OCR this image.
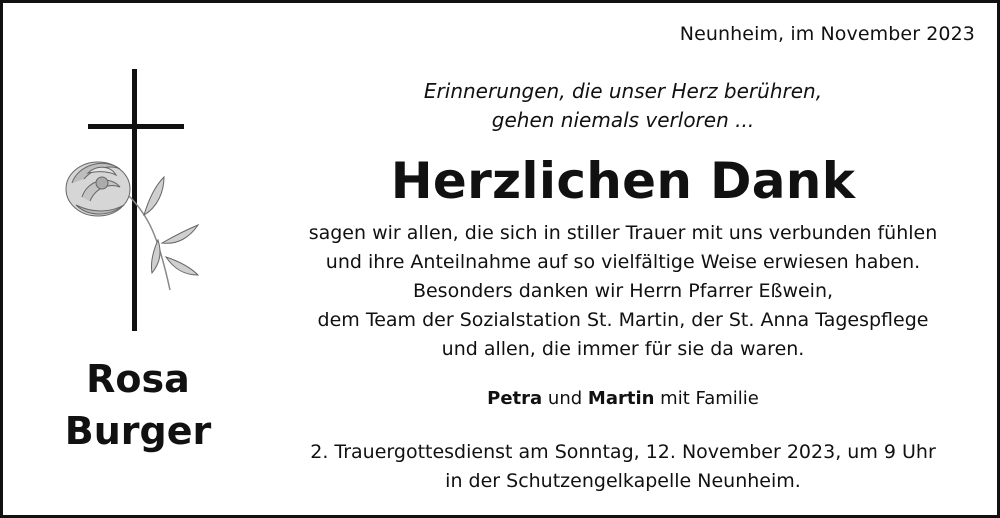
Neunheim, im November 2023
Rosa
Burger
Erinnerungen, die unser Herz berühren,
gehen niemals verloren ...
Herzlichen Dank
sagen wir allen, die sich in stiller Trauer mit uns verbunden fühlen
und ihre Anteilnahme auf so vielfältige Weise erwiesen haben.
Besonders danken wir Herrn Pfarrer Eßwein,
dem Team der Sozialstation St. Martin, der St. Anna Tagespflege
und allen, die immer für sie da waren.
Petra und Martin mit Familie
2. Trauergottesdienst am Sonntag, 12. November 2023, um 9 Uhr
in der Schutzengelkapelle Neunheim.
